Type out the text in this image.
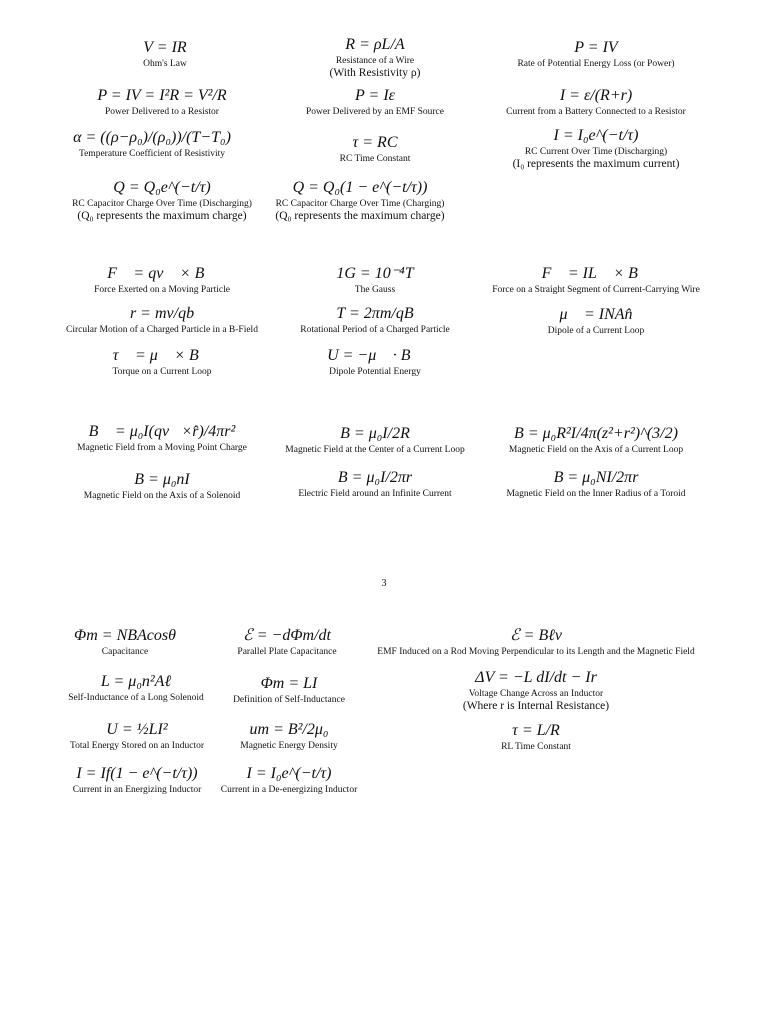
V = IR
Ohm's Law
R = ρL/A
Resistance of a Wire
(With Resistivity ρ)
P = IV
Rate of Potential Energy Loss (or Power)
P = IV = I²R = V²/R
Power Delivered to a Resistor
P = Iε
Power Delivered by an EMF Source
I = ε/(R+r)
Current from a Battery Connected to a Resistor
α = ((ρ−ρ₀)/(ρ₀))/(T−T₀)
Temperature Coefficient of Resistivity
τ = RC
RC Time Constant
I = I₀e^(−t/τ)
RC Current Over Time (Discharging)
(I₀ represents the maximum current)
Q = Q₀e^(−t/τ)
RC Capacitor Charge Over Time (Discharging)
(Q₀ represents the maximum charge)
Q = Q₀(1 − e^(−t/τ))
RC Capacitor Charge Over Time (Charging)
(Q₀ represents the maximum charge)
F⃗ = qv⃗ × B⃗
Force Exerted on a Moving Particle
1G = 10⁻⁴T
The Gauss
F⃗ = IL⃗ × B⃗
Force on a Straight Segment of Current-Carrying Wire
r = mv/qb
Circular Motion of a Charged Particle in a B-Field
T = 2πm/qB
Rotational Period of a Charged Particle
μ⃗ = INAn̂
Dipole of a Current Loop
τ⃗ = μ⃗ × B⃗
Torque on a Current Loop
U = −μ⃗ · B⃗
Dipole Potential Energy
B⃗ = μ₀I(qv⃗×r̂)/4πr²
Magnetic Field from a Moving Point Charge
B = μ₀I/2R
Magnetic Field at the Center of a Current Loop
B = μ₀R²I/4π(z²+r²)^(3/2)
Magnetic Field on the Axis of a Current Loop
B = μ₀nI
Magnetic Field on the Axis of a Solenoid
B = μ₀I/2πr
Electric Field around an Infinite Current
B = μ₀NI/2πr
Magnetic Field on the Inner Radius of a Toroid
Φm = NBAcosθ
Capacitance
ℰ = −dΦm/dt
Parallel Plate Capacitance
ℰ = Bℓv
EMF Induced on a Rod Moving Perpendicular to its Length and the Magnetic Field
L = μ₀n²Aℓ
Self-Inductance of a Long Solenoid
Φm = LI
Definition of Self-Inductance
ΔV = −L dI/dt − Ir
Voltage Change Across an Inductor
(Where r is Internal Resistance)
U = ½LI²
Total Energy Stored on an Inductor
um = B²/2μ₀
Magnetic Energy Density
τ = L/R
RL Time Constant
I = If(1 − e^(−t/τ))
Current in an Energizing Inductor
I = I₀e^(−t/τ)
Current in a De-energizing Inductor
3
